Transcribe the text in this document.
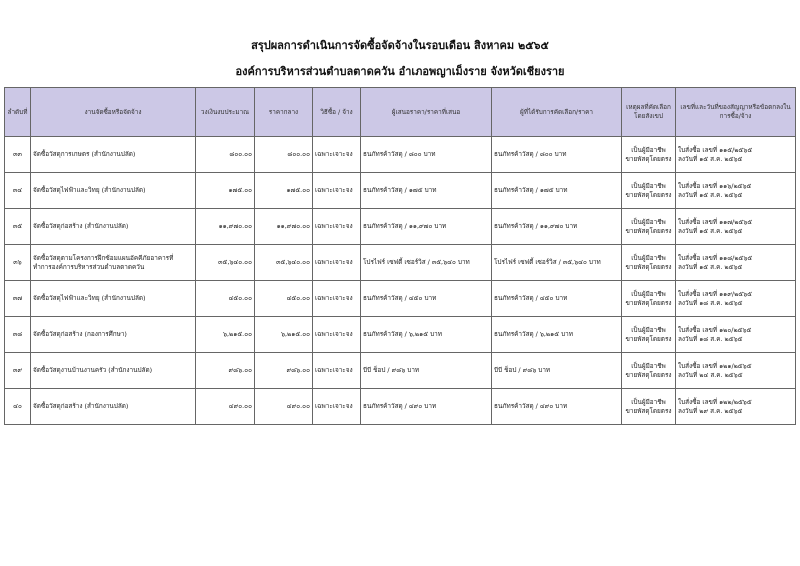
สรุปผลการดำเนินการจัดซื้อจัดจ้างในรอบเดือน สิงหาคม ๒๕๖๕
องค์การบริหารส่วนตำบลตาดควัน อำเภอพญาเม็งราย จังหวัดเชียงราย
ลำดับที่	งานจัดซื้อหรือจัดจ้าง	วงเงินงบประมาณ	ราคากลาง	วิธีซื้อ / จ้าง	ผู้เสนอราคา/ราคาที่เสนอ	ผู้ที่ได้รับการคัดเลือก/ราคา	เหตุผลที่คัดเลือกโดยสังเขป	เลขที่และวันที่ของสัญญาหรือข้อตกลงในการซื้อ/จ้าง
๓๓	จัดซื้อวัสดุการเกษตร (สำนักงานปลัด)	๘๐๐.๐๐	๘๐๐.๐๐	เฉพาะเจาะจง	ธนภัทรค้าวัสดุ / ๘๐๐ บาท	ธนภัทรค้าวัสดุ / ๘๐๐ บาท	เป็นผู้มีอาชีพ
ขายพัสดุโดยตรง	ใบสั่งซื้อ เลขที่ ๑๑๕/๒๕๖๕
ลงวันที่ ๑๕ ส.ค. ๒๕๖๕

๓๔	จัดซื้อวัสดุไฟฟ้าและวิทยุ (สำนักงานปลัด)	๑๗๕.๐๐	๑๗๕.๐๐	เฉพาะเจาะจง	ธนภัทรค้าวัสดุ / ๑๗๕ บาท	ธนภัทรค้าวัสดุ / ๑๗๕ บาท	เป็นผู้มีอาชีพ
ขายพัสดุโดยตรง	ใบสั่งซื้อ เลขที่ ๑๑๖/๒๕๖๕
ลงวันที่ ๑๕ ส.ค. ๒๕๖๕

๓๕	จัดซื้อวัสดุก่อสร้าง (สำนักงานปลัด)	๑๑,๙๗๐.๐๐	๑๑,๙๗๐.๐๐	เฉพาะเจาะจง	ธนภัทรค้าวัสดุ / ๑๑,๙๗๐ บาท	ธนภัทรค้าวัสดุ / ๑๑,๙๗๐ บาท	เป็นผู้มีอาชีพ
ขายพัสดุโดยตรง	ใบสั่งซื้อ เลขที่ ๑๑๗/๒๕๖๕
ลงวันที่ ๑๕ ส.ค. ๒๕๖๕

๓๖	จัดซื้อวัสดุตามโครงการฝึกซ้อมแผนอัคคีภัยอาคารที่
ทำการองค์การบริหารส่วนตำบลตาดควัน	๓๕,๖๔๐.๐๐	๓๕,๖๔๐.๐๐	เฉพาะเจาะจง	โปรไฟร์ เซฟตี้ เซอร์วิส / ๓๕,๖๔๐ บาท	โปรไฟร์ เซฟตี้ เซอร์วิส / ๓๕,๖๔๐ บาท	เป็นผู้มีอาชีพ
ขายพัสดุโดยตรง	ใบสั่งซื้อ เลขที่ ๑๑๘/๒๕๖๕
ลงวันที่ ๑๕ ส.ค. ๒๕๖๕

๓๗	จัดซื้อวัสดุไฟฟ้าและวิทยุ (สำนักงานปลัด)	๔๕๐.๐๐	๔๕๐.๐๐	เฉพาะเจาะจง	ธนภัทรค้าวัสดุ / ๔๕๐ บาท	ธนภัทรค้าวัสดุ / ๔๕๐ บาท	เป็นผู้มีอาชีพ
ขายพัสดุโดยตรง	ใบสั่งซื้อ เลขที่ ๑๑๙/๒๕๖๕
ลงวันที่ ๑๘ ส.ค. ๒๕๖๕

๓๘	จัดซื้อวัสดุก่อสร้าง (กองการศึกษา)	๖,๒๑๕.๐๐	๖,๒๑๕.๐๐	เฉพาะเจาะจง	ธนภัทรค้าวัสดุ / ๖,๒๑๕ บาท	ธนภัทรค้าวัสดุ / ๖,๒๑๕ บาท	เป็นผู้มีอาชีพ
ขายพัสดุโดยตรง	ใบสั่งซื้อ เลขที่ ๑๒๐/๒๕๖๕
ลงวันที่ ๑๘ ส.ค. ๒๕๖๕

๓๙	จัดซื้อวัสดุงานบ้านงานครัว (สำนักงานปลัด)	๙๘๖.๐๐	๙๘๖.๐๐	เฉพาะเจาะจง	บีบี ช็อป / ๙๘๖ บาท	บีบี ช็อป / ๙๘๖ บาท	เป็นผู้มีอาชีพ
ขายพัสดุโดยตรง	ใบสั่งซื้อ เลขที่ ๑๒๑/๒๕๖๕
ลงวันที่ ๒๔ ส.ค. ๒๕๖๕

๔๐	จัดซื้อวัสดุก่อสร้าง (สำนักงานปลัด)	๔๙๐.๐๐	๔๙๐.๐๐	เฉพาะเจาะจง	ธนภัทรค้าวัสดุ / ๔๙๐ บาท	ธนภัทรค้าวัสดุ / ๔๙๐ บาท	เป็นผู้มีอาชีพ
ขายพัสดุโดยตรง	ใบสั่งซื้อ เลขที่ ๑๒๒/๒๕๖๕
ลงวันที่ ๒๙ ส.ค. ๒๕๖๕
